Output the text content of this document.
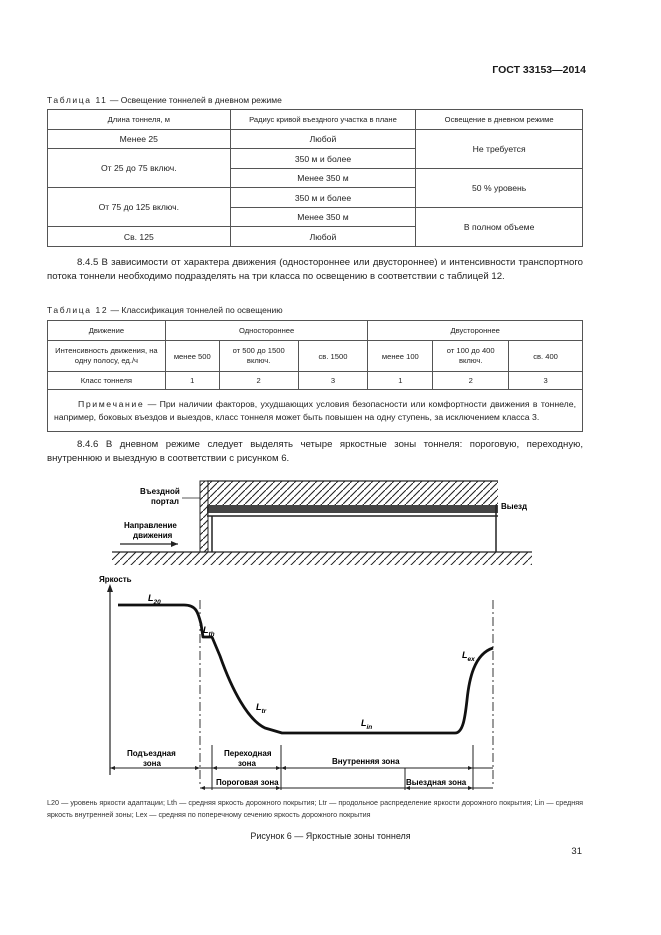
ГОСТ 33153—2014
Таблица 11 — Освещение тоннелей в дневном режиме
Длина тоннеля, м	Радиус кривой въездного участка в плане	Освещение в дневном режиме
Менее 25	Любой	Не требуется
От 25 до 75 включ.	350 м и более	
	Менее 350 м	50 % уровень
От 75 до 125 включ.	350 м и более	
	Менее 350 м	В полном объеме
Св. 125	Любой	
8.4.5 В зависимости от характера движения (одностороннее или двустороннее) и интенсивности транспортного потока тоннели необходимо подразделять на три класса по освещению в соответствии с таблицей 12.
Таблица 12 — Классификация тоннелей по освещению
Движение	Одностороннее			Двустороннее		
Интенсивность движения, на одну полосу, ед./ч	менее 500	от 500 до 1500 включ.	св. 1500	менее 100	от 100 до 400 включ.	св. 400
Класс тоннеля	1	2	3	1	2	3

Примечание — При наличии факторов, ухудшающих условия безопасности или комфортности движения в тоннеле, например, боковых въездов и выездов, класс тоннеля может быть повышен на одну ступень, за исключением класса 3.						
8.4.6 В дневном режиме следует выделять четыре яркостные зоны тоннеля: пороговую, переходную, внутреннюю и выездную в соответствии с рисунком 6.
Въездной
портал
Выезд
Направление
движения
Яркость
$L_{20}$
$L_{th}$
$L_{tr}$
$L_{in}$
$L_{ex}$
Подъездная
зона
Переходная
зона	Внутренняя зона
Пороговая зона	Выездная зона
L20 — уровень яркости адаптации; Lth — средняя яркость дорожного покрытия; Ltr — продольное распределение яркости дорожного покрытия; Lin — средняя яркость внутренней зоны; Lex — средняя по поперечному сечению яркость дорожного покрытия
Рисунок 6 — Яркостные зоны тоннеля
31
